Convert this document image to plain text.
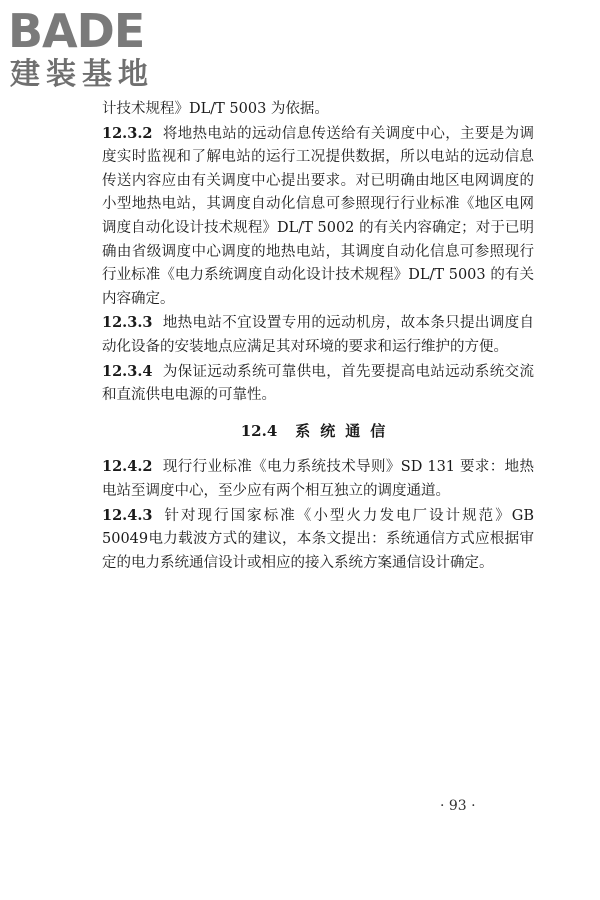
BADE
建装基地

计技术规程》DL/T 5003 为依据。

12.3.2 将地热电站的远动信息传送给有关调度中心，主要是为调度实时监视和了解电站的运行工况提供数据，所以电站的远动信息传送内容应由有关调度中心提出要求。对已明确由地区电网调度的小型地热电站，其调度自动化信息可参照现行行业标准《地区电网调度自动化设计技术规程》DL/T 5002 的有关内容确定；对于已明确由省级调度中心调度的地热电站，其调度自动化信息可参照现行行业标准《电力系统调度自动化设计技术规程》DL/T 5003 的有关内容确定。

12.3.3 地热电站不宜设置专用的远动机房，故本条只提出调度自动化设备的安装地点应满足其对环境的要求和运行维护的方便。

12.3.4 为保证远动系统可靠供电，首先要提高电站远动系统交流和直流供电电源的可靠性。

12.4 系统通信

12.4.2 现行行业标准《电力系统技术导则》SD 131 要求：地热电站至调度中心，至少应有两个相互独立的调度通道。

12.4.3 针对现行国家标准《小型火力发电厂设计规范》GB 50049电力载波方式的建议，本条文提出：系统通信方式应根据审定的电力系统通信设计或相应的接入系统方案通信设计确定。

· 93 ·
